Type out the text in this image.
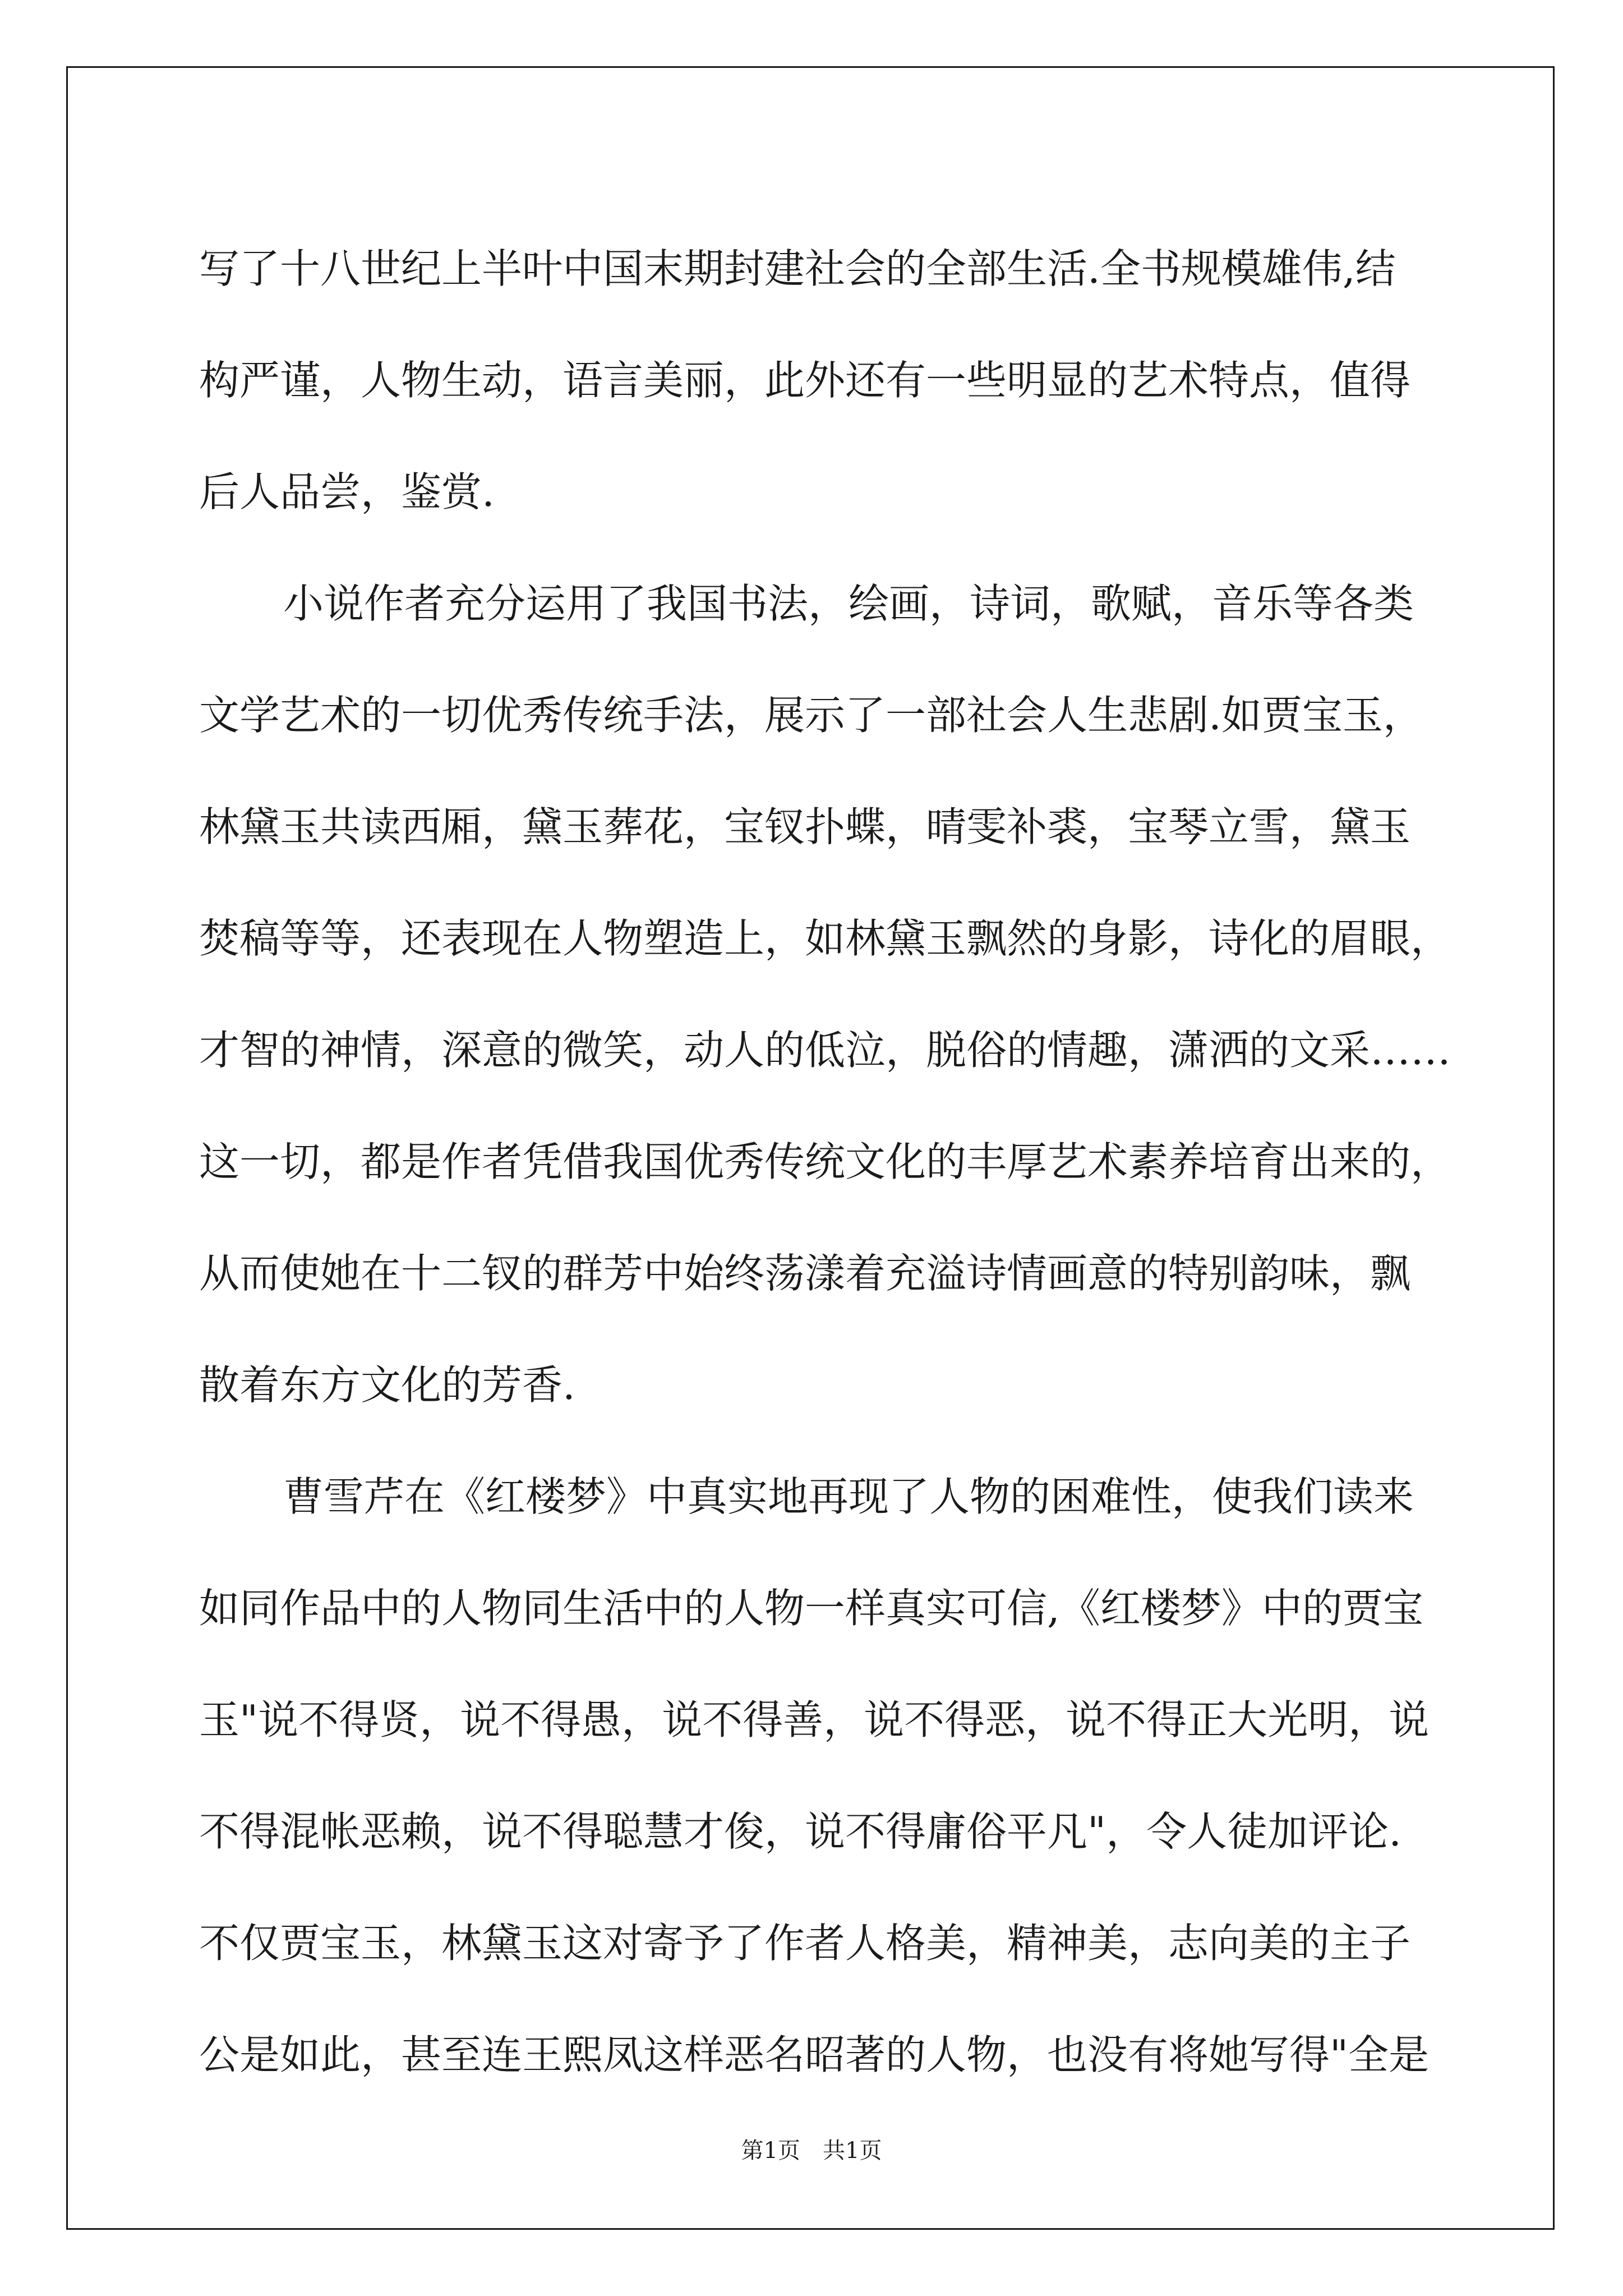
写了十八世纪上半叶中国末期封建社会的全部生活.全书规模雄伟,结
构严谨，人物生动，语言美丽，此外还有一些明显的艺术特点，值得
后人品尝，鉴赏.
小说作者充分运用了我国书法，绘画，诗词，歌赋，音乐等各类
文学艺术的一切优秀传统手法，展示了一部社会人生悲剧.如贾宝玉，
林黛玉共读西厢，黛玉葬花，宝钗扑蝶，晴雯补裘，宝琴立雪，黛玉
焚稿等等，还表现在人物塑造上，如林黛玉飘然的身影，诗化的眉眼，
才智的神情，深意的微笑，动人的低泣，脱俗的情趣，潇洒的文采……
这一切，都是作者凭借我国优秀传统文化的丰厚艺术素养培育出来的，
从而使她在十二钗的群芳中始终荡漾着充溢诗情画意的特别韵味，飘
散着东方文化的芳香.
曹雪芹在《红楼梦》中真实地再现了人物的困难性，使我们读来
如同作品中的人物同生活中的人物一样真实可信,《红楼梦》中的贾宝
玉"说不得贤，说不得愚，说不得善，说不得恶，说不得正大光明，说
不得混帐恶赖，说不得聪慧才俊，说不得庸俗平凡"，令人徒加评论.
不仅贾宝玉，林黛玉这对寄予了作者人格美，精神美，志向美的主子
公是如此，甚至连王熙凤这样恶名昭著的人物，也没有将她写得"全是
第1页　共1页
